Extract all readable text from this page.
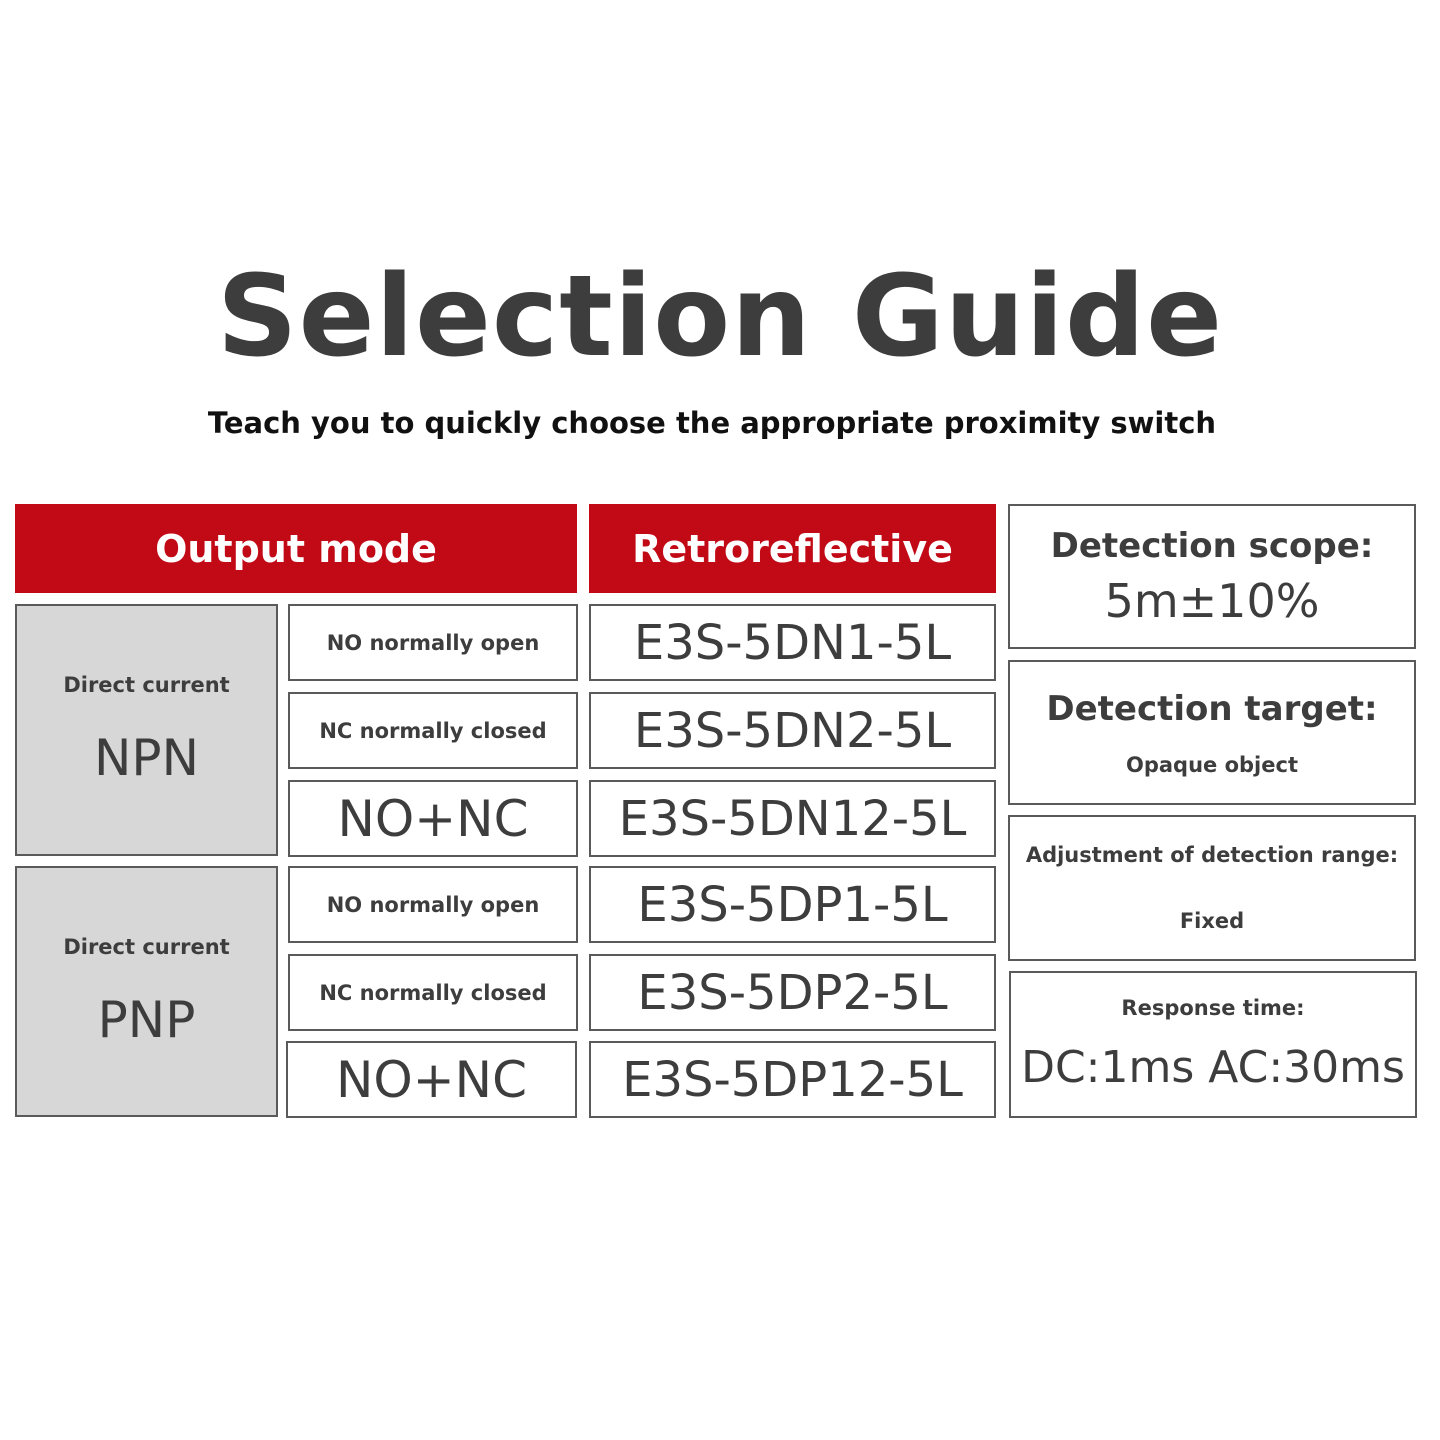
Selection Guide
Teach you to quickly choose the appropriate proximity switch
Output mode	Retroreflective
Direct current
NPN
Direct current
PNP
NO normally open
NC normally closed
NO+NC
NO normally open
NC normally closed
NO+NC
E3S-5DN1-5L
E3S-5DN2-5L
E3S-5DN12-5L
E3S-5DP1-5L
E3S-5DP2-5L
E3S-5DP12-5L
Detection scope:
5m±10%
Detection target:
Opaque object
Adjustment of detection range:
Fixed
Response time:
DC:1ms AC:30ms
